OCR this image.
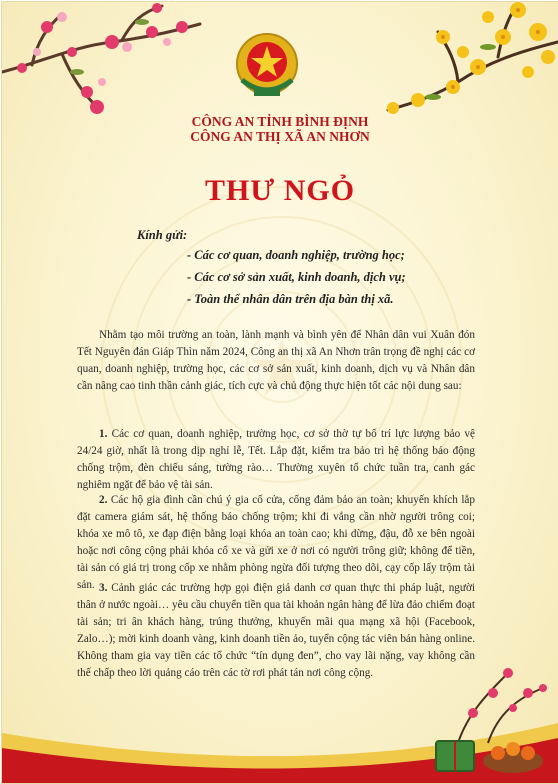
CÔNG AN TỈNH BÌNH ĐỊNH
CÔNG AN THỊ XÃ AN NHƠN
THƯ NGỎ
Kính gửi:
- Các cơ quan, doanh nghiệp, trường học;
- Các cơ sở sản xuất, kinh doanh, dịch vụ;
- Toàn thể nhân dân trên địa bàn thị xã.

Nhằm tạo môi trường an toàn, lành mạnh và bình yên để Nhân dân vui Xuân đón Tết Nguyên đán Giáp Thìn năm 2024, Công an thị xã An Nhơn trân trọng đề nghị các cơ quan, doanh nghiệp, trường học, các cơ sở sản xuất, kinh doanh, dịch vụ và Nhân dân cần nâng cao tinh thần cảnh giác, tích cực và chủ động thực hiện tốt các nội dung sau:

1. Các cơ quan, doanh nghiệp, trường học, cơ sở thờ tự bố trí lực lượng bảo vệ 24/24 giờ, nhất là trong dịp nghỉ lễ, Tết. Lắp đặt, kiểm tra bảo trì hệ thống báo động chống trộm, đèn chiếu sáng, tường rào… Thường xuyên tổ chức tuần tra, canh gác nghiêm ngặt để bảo vệ tài sản.

2. Các hộ gia đình cần chú ý gia cố cửa, cổng đảm bảo an toàn; khuyến khích lắp đặt camera giám sát, hệ thống báo chống trộm; khi đi vắng cần nhờ người trông coi; khóa xe mô tô, xe đạp điện bằng loại khóa an toàn cao; khi dừng, đậu, đỗ xe bên ngoài hoặc nơi công cộng phải khóa cổ xe và gửi xe ở nơi có người trông giữ; không để tiền, tài sản có giá trị trong cốp xe nhằm phòng ngừa đối tượng theo dõi, cạy cốp lấy trộm tài sản. 3. Cảnh giác các trường hợp gọi điện giả danh cơ quan thực thi pháp luật, người thân ở nước ngoài… yêu cầu chuyển tiền qua tài khoản ngân hàng để lừa đảo chiếm đoạt tài sản; tri ân khách hàng, trúng thưởng, khuyến mãi qua mạng xã hội (Facebook, Zalo…); mời kinh doanh vàng, kinh doanh tiền ảo, tuyển cộng tác viên bán hàng online. Không tham gia vay tiền các tổ chức “tín dụng đen”, cho vay lãi nặng, vay không cần thế chấp theo lời quảng cáo trên các tờ rơi phát tán nơi công cộng.
